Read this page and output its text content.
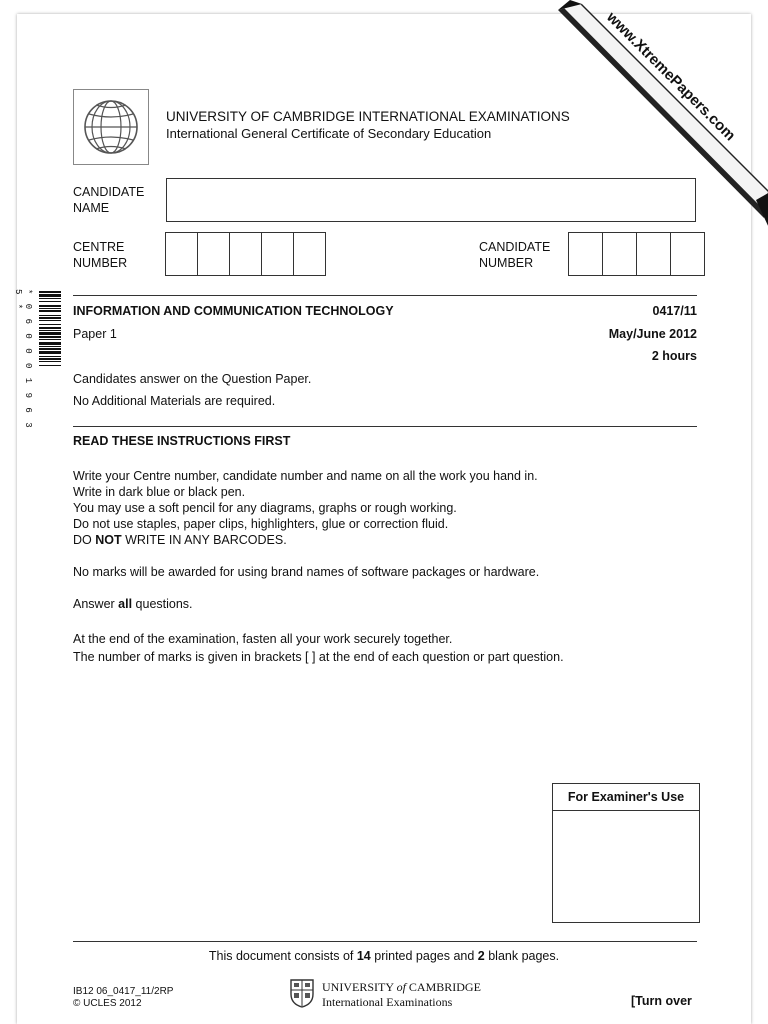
www.XtremePapers.com
UNIVERSITY OF CAMBRIDGE INTERNATIONAL EXAMINATIONS
International General Certificate of Secondary Education
CANDIDATE
NAME
CENTRE
NUMBER
CANDIDATE
NUMBER
* 0 6 0 0 0 1 9 6 3 5 *	INFORMATION AND COMMUNICATION TECHNOLOGY	0417/11
Paper 1	May/June 2012
2 hours
Candidates answer on the Question Paper.
No Additional Materials are required.
READ THESE INSTRUCTIONS FIRST

Write your Centre number, candidate number and name on all the work you hand in.

Write in dark blue or black pen.

You may use a soft pencil for any diagrams, graphs or rough working.

Do not use staples, paper clips, highlighters, glue or correction fluid.

DO NOT WRITE IN ANY BARCODES.

No marks will be awarded for using brand names of software packages or hardware.

Answer all questions.

At the end of the examination, fasten all your work securely together.

The number of marks is given in brackets [ ] at the end of each question or part question.

For Examiner's Use
This document consists of 14 printed pages and 2 blank pages.
IB12 06_0417_11/2RP
© UCLES 2012
UNIVERSITY of CAMBRIDGE
International Examinations	[Turn over
